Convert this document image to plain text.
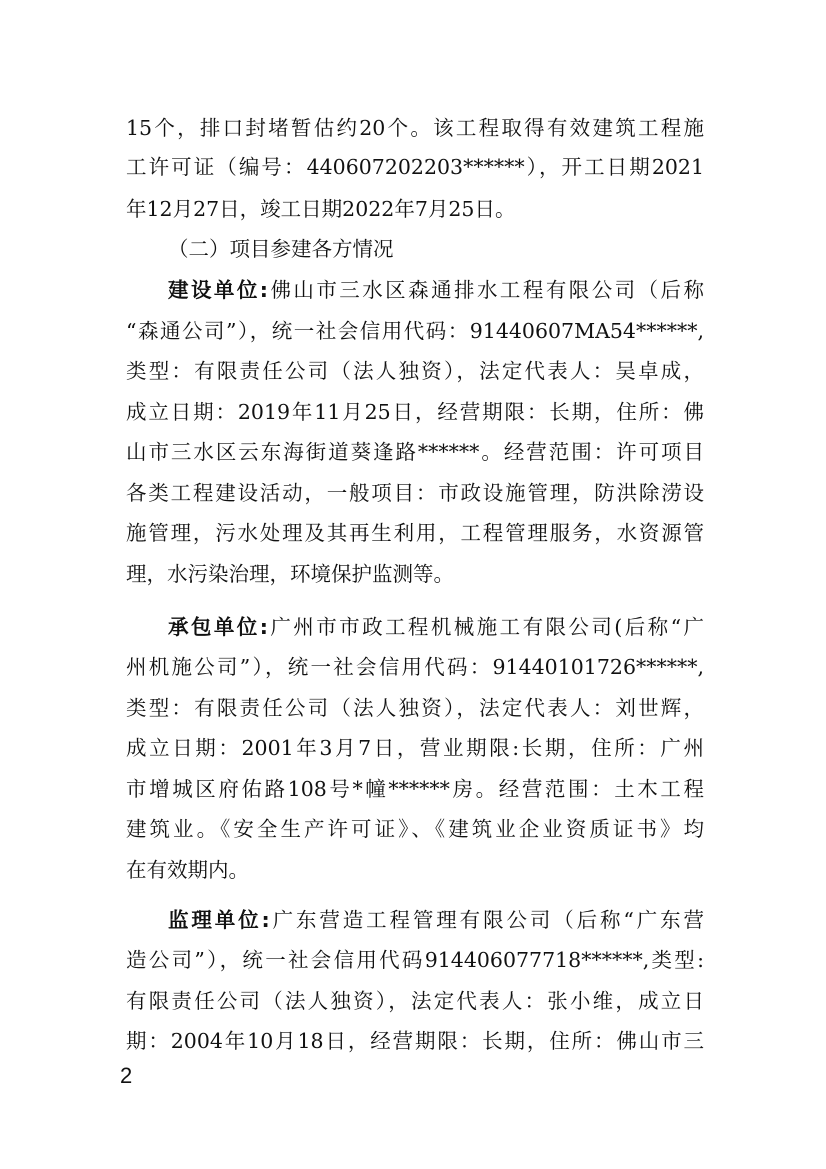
15个，排口封堵暂估约20个。该工程取得有效建筑工程施
工许可证（编号：440607202203******），开工日期2021
年12月27日，竣工日期2022年7月25日。
（二）项目参建各方情况
建设单位:佛山市三水区森通排水工程有限公司（后称
“森通公司”），统一社会信用代码：91440607MA54******,
类型：有限责任公司（法人独资），法定代表人：吴卓成，
成立日期：2019年11月25日，经营期限：长期，住所：佛
山市三水区云东海街道葵逢路******。经营范围：许可项目
各类工程建设活动，一般项目：市政设施管理，防洪除涝设
施管理，污水处理及其再生利用，工程管理服务，水资源管
理，水污染治理，环境保护监测等。
承包单位:广州市市政工程机械施工有限公司(后称“广
州机施公司”），统一社会信用代码：91440101726******,
类型：有限责任公司（法人独资），法定代表人：刘世辉，
成立日期：2001年3月7日，营业期限:长期，住所：广州
市增城区府佑路108号*幢******房。经营范围：土木工程
建筑业。《安全生产许可证》、《建筑业企业资质证书》均
在有效期内。
监理单位:广东营造工程管理有限公司（后称“广东营
造公司”），统一社会信用代码914406077718******,类型:
有限责任公司（法人独资），法定代表人：张小维，成立日
期：2004年10月18日，经营期限：长期，住所：佛山市三
2
